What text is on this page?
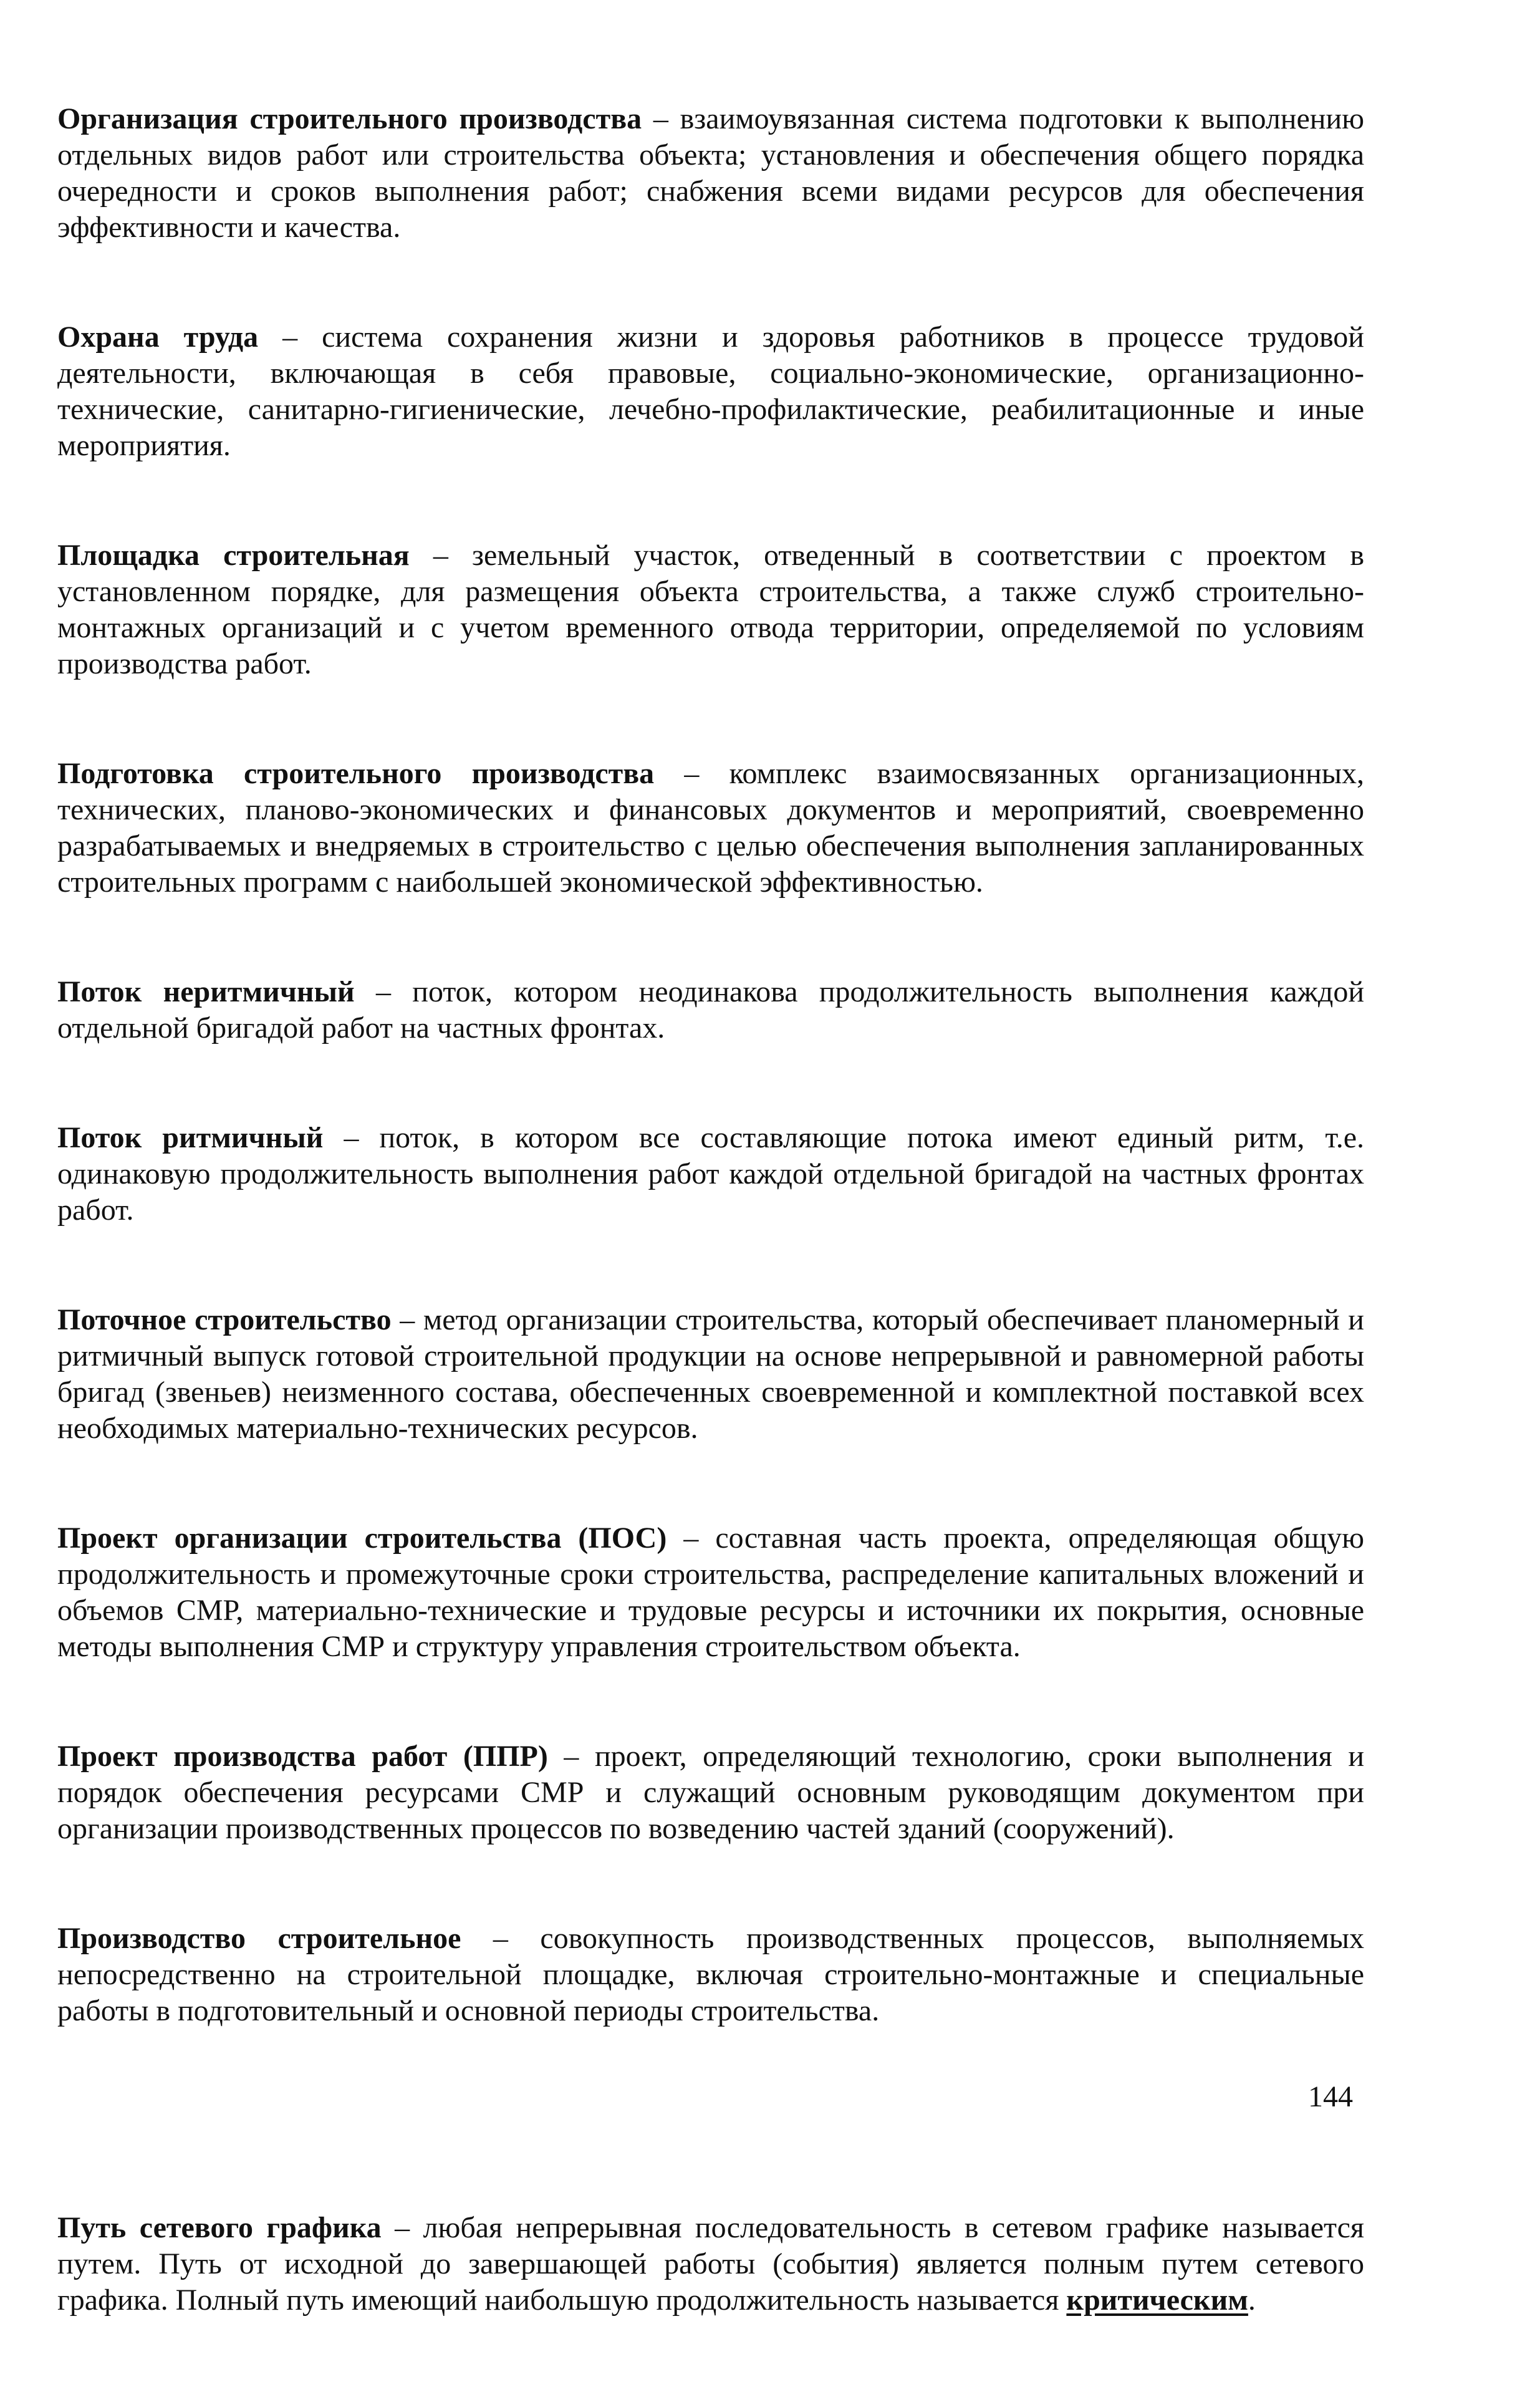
Организация строительного производства – взаимоувязанная система подготовки к выполнению отдельных видов работ или строительства объекта; установления и обеспечения общего порядка очередности и сроков выполнения работ; снабжения всеми видами ресурсов для обеспечения эффективности и качества.

Охрана труда – система сохранения жизни и здоровья работников в процессе трудовой деятельности, включающая в себя правовые, социально-экономические, организационно-технические, санитарно-гигиенические, лечебно-профилактические, реабилитационные и иные мероприятия.

Площадка строительная – земельный участок, отведенный в соответствии с проектом в установленном порядке, для размещения объекта строительства, а также служб строительно-монтажных организаций и с учетом временного отвода территории, определяемой по условиям производства работ.

Подготовка строительного производства – комплекс взаимосвязанных организационных, технических, планово-экономических и финансовых документов и мероприятий, своевременно разрабатываемых и внедряемых в строительство с целью обеспечения выполнения запланированных строительных программ с наибольшей экономической эффективностью.

Поток неритмичный – поток, котором неодинакова продолжительность выполнения каждой отдельной бригадой работ на частных фронтах.

Поток ритмичный – поток, в котором все составляющие потока имеют единый ритм, т.е. одинаковую продолжительность выполнения работ каждой отдельной бригадой на частных фронтах работ.

Поточное строительство – метод организации строительства, который обеспечивает планомерный и ритмичный выпуск готовой строительной продукции на основе непрерывной и равномерной работы бригад (звеньев) неизменного состава, обеспеченных своевременной и комплектной поставкой всех необходимых материально-технических ресурсов.

Проект организации строительства (ПОС) – составная часть проекта, определяющая общую продолжительность и промежуточные сроки строительства, распределение капитальных вложений и объемов СМР, материально-технические и трудовые ресурсы и источники их покрытия, основные методы выполнения СМР и структуру управления строительством объекта.

Проект производства работ (ППР) – проект, определяющий технологию, сроки выполнения и порядок обеспечения ресурсами СМР и служащий основным руководящим документом при организации производственных процессов по возведению частей зданий (сооружений).

Производство строительное – совокупность производственных процессов, выполняемых непосредственно на строительной площадке, включая строительно-монтажные и специальные работы в подготовительный и основной периоды строительства.

Путь сетевого графика – любая непрерывная последовательность в сетевом графике называется путем. Путь от исходной до завершающей работы (события) является полным путем сетевого графика. Полный путь имеющий наибольшую продолжительность называется критическим.

144
